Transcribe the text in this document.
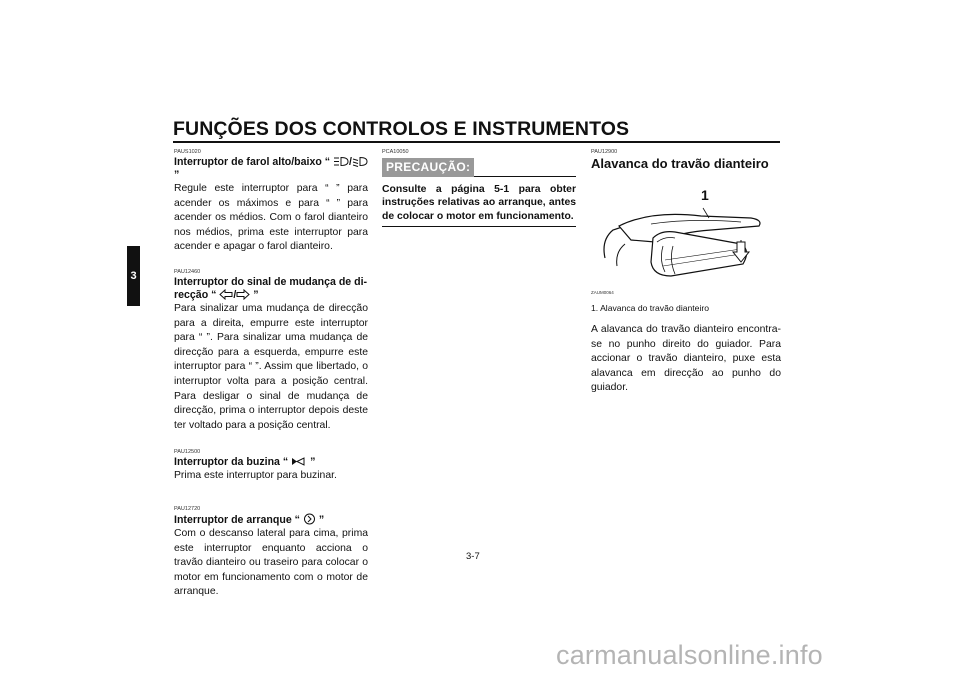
FUNÇÕES DOS CONTROLOS E INSTRUMENTOS
3

PAUS1020

Interruptor de farol alto/baixo “ / ”

Regule este interruptor para “ ” para acender os máximos e para “ ” para acender os médios. Com o farol dianteiro nos médios, prima este interruptor para acender e apagar o farol dianteiro.

PAU12460

Interruptor do sinal de mudança de di-

recção “ / ”

Para sinalizar uma mudança de direcção para a direita, empurre este interruptor para “ ”. Para sinalizar uma mudança de direcção para a esquerda, empurre este interruptor para “ ”. Assim que libertado, o interruptor volta para a posição central. Para desligar o sinal de mudança de direcção, prima o interruptor depois deste ter voltado para a posição central.

PAU12500

Interruptor da buzina “ ”

Prima este interruptor para buzinar.

PAU12720

Interruptor de arranque “ ”

Com o descanso lateral para cima, prima este interruptor enquanto acciona o travão dianteiro ou traseiro para colocar o motor em funcionamento com o motor de arranque.

PCA10050

PRECAUÇÃO:
Consulte a página 5-1 para obter instruções relativas ao arranque, antes de colocar o motor em funcionamento.

PAU12900

Alavanca do travão dianteiro

1
ZAUM0064
1. Alavanca do travão dianteiro

A alavanca do travão dianteiro encontra-se no punho direito do guiador. Para accionar o travão dianteiro, puxe esta alavanca em direcção ao punho do guiador.

3-7
carmanualsonline.info
